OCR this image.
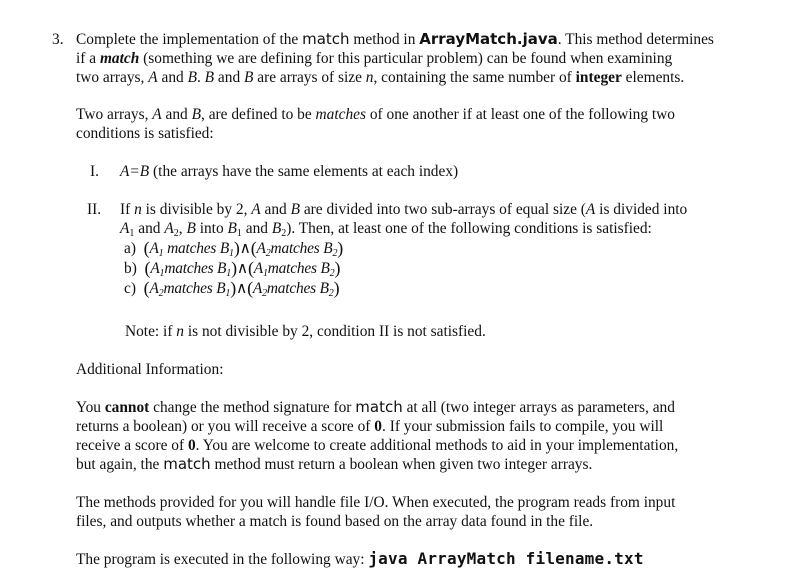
3. Complete the implementation of the match method in ArrayMatch.java. This method determines

if a match (something we are defining for this particular problem) can be found when examining

two arrays, A and B. B and B are arrays of size n, containing the same number of integer elements.

Two arrays, A and B, are defined to be matches of one another if at least one of the following two

conditions is satisfied:

I. A=B (the arrays have the same elements at each index)
II. If n is divisible by 2, A and B are divided into two sub-arrays of equal size (A is divided into

$A_1$ and $A_2$, B into $B_1$ and $B_2$). Then, at least one of the following conditions is satisfied:

a) ($A_1$ matches $B_1)\wedge(A_2matches$ $B_2$)

b) ($A_1matches$ $B_1)\wedge(A_1matches$ $B_2$)

c) ($A_2matches$ $B_1)\wedge(A_2matches$ $B_2$)

Note: if n is not divisible by 2, condition II is not satisfied.
Additional Information:

You cannot change the method signature for match at all (two integer arrays as parameters, and

returns a boolean) or you will receive a score of 0. If your submission fails to compile, you will

receive a score of 0. You are welcome to create additional methods to aid in your implementation,

but again, the match method must return a boolean when given two integer arrays.

The methods provided for you will handle file I/O. When executed, the program reads from input

files, and outputs whether a match is found based on the array data found in the file.

The program is executed in the following way: java ArrayMatch filename.txt
